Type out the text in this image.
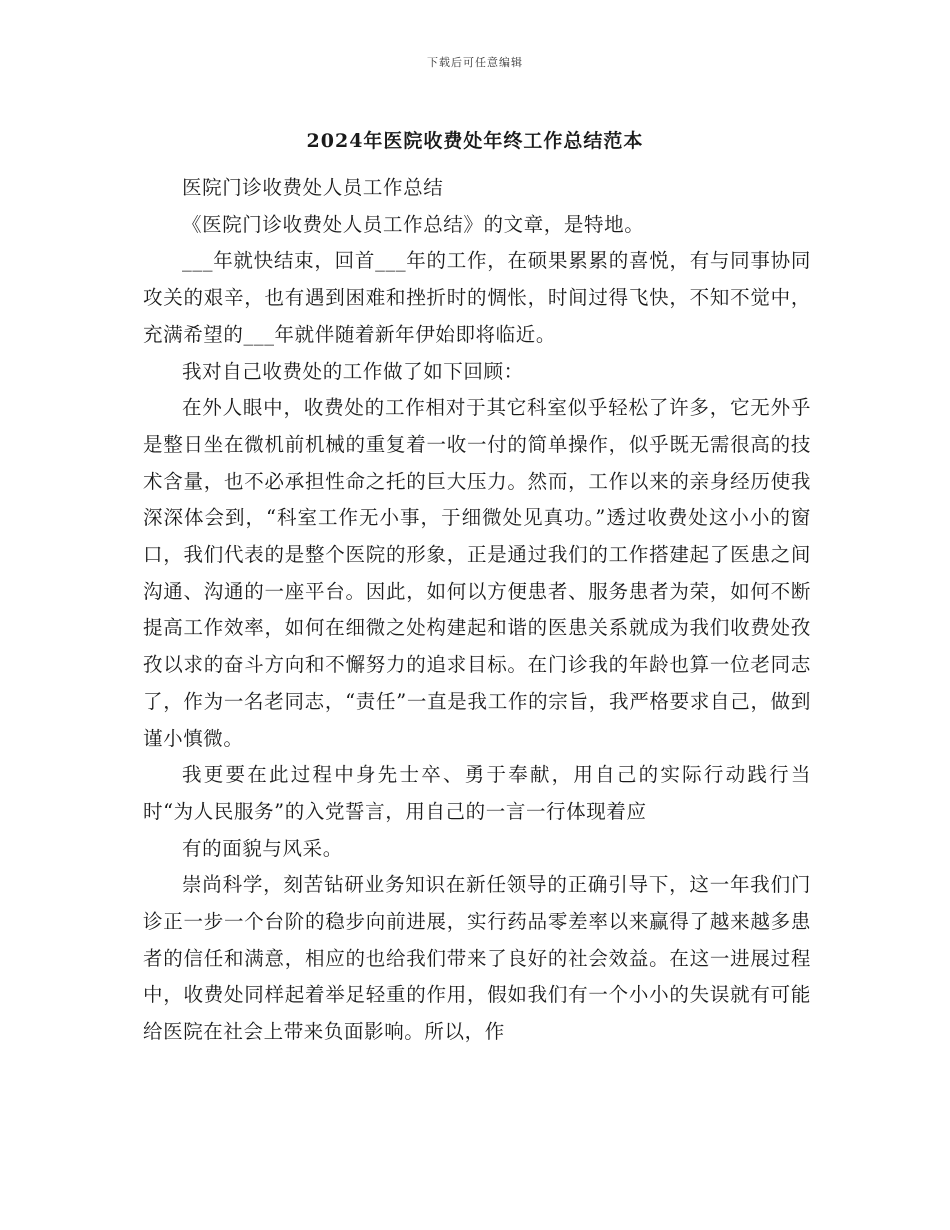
下载后可任意编辑
2024年医院收费处年终工作总结范本

医院门诊收费处人员工作总结

《医院门诊收费处人员工作总结》的文章，是特地。

___年就快结束，回首___年的工作，在硕果累累的喜悦，有与同事协同攻关的艰辛，也有遇到困难和挫折时的惆怅，时间过得飞快，不知不觉中，充满希望的___年就伴随着新年伊始即将临近。

我对自己收费处的工作做了如下回顾：

在外人眼中，收费处的工作相对于其它科室似乎轻松了许多，它无外乎是整日坐在微机前机械的重复着一收一付的简单操作，似乎既无需很高的技术含量，也不必承担性命之托的巨大压力。然而，工作以来的亲身经历使我深深体会到，“科室工作无小事，于细微处见真功。”透过收费处这小小的窗口，我们代表的是整个医院的形象，正是通过我们的工作搭建起了医患之间沟通、沟通的一座平台。因此，如何以方便患者、服务患者为荣，如何不断提高工作效率，如何在细微之处构建起和谐的医患关系就成为我们收费处孜孜以求的奋斗方向和不懈努力的追求目标。在门诊我的年龄也算一位老同志了，作为一名老同志，“责任”一直是我工作的宗旨，我严格要求自己，做到谨小慎微。

我更要在此过程中身先士卒、勇于奉献，用自己的实际行动践行当时“为人民服务”的入党誓言，用自己的一言一行体现着应

有的面貌与风采。

崇尚科学，刻苦钻研业务知识在新任领导的正确引导下，这一年我们门诊正一步一个台阶的稳步向前进展，实行药品零差率以来赢得了越来越多患者的信任和满意，相应的也给我们带来了良好的社会效益。在这一进展过程中，收费处同样起着举足轻重的作用，假如我们有一个小小的失误就有可能给医院在社会上带来负面影响。所以，作
